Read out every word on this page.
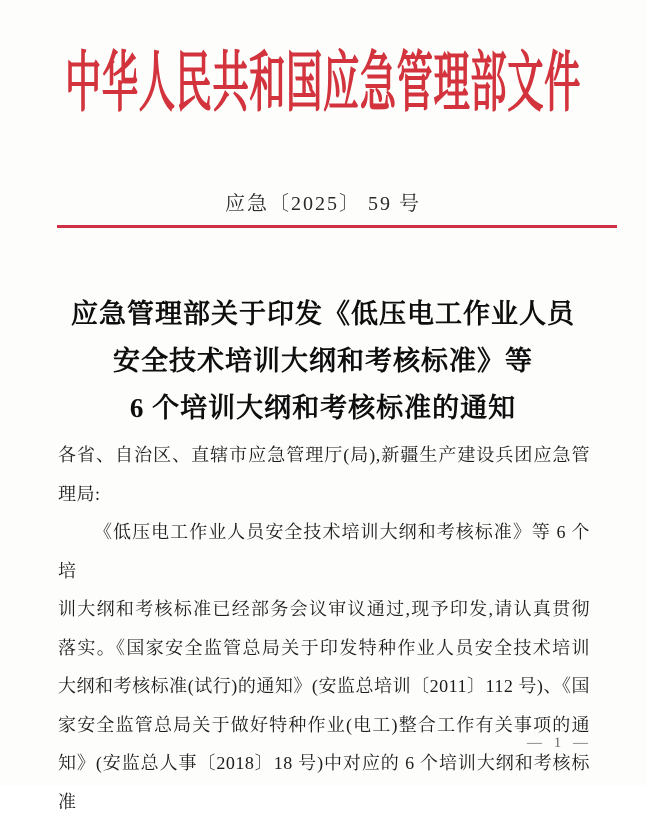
中华人民共和国应急管理部文件
应急〔2025〕 59 号
应急管理部关于印发《低压电工作业人员
安全技术培训大纲和考核标准》等
6 个培训大纲和考核标准的通知
各省、自治区、直辖市应急管理厅(局),新疆生产建设兵团应急管
理局:
《低压电工作业人员安全技术培训大纲和考核标准》等 6 个培
训大纲和考核标准已经部务会议审议通过,现予印发,请认真贯彻
落实。《国家安全监管总局关于印发特种作业人员安全技术培训
大纲和考核标准(试行)的通知》(安监总培训〔2011〕112 号)、《国
家安全监管总局关于做好特种作业(电工)整合工作有关事项的通
知》(安监总人事〔2018〕18 号)中对应的 6 个培训大纲和考核标准
— 1 —
